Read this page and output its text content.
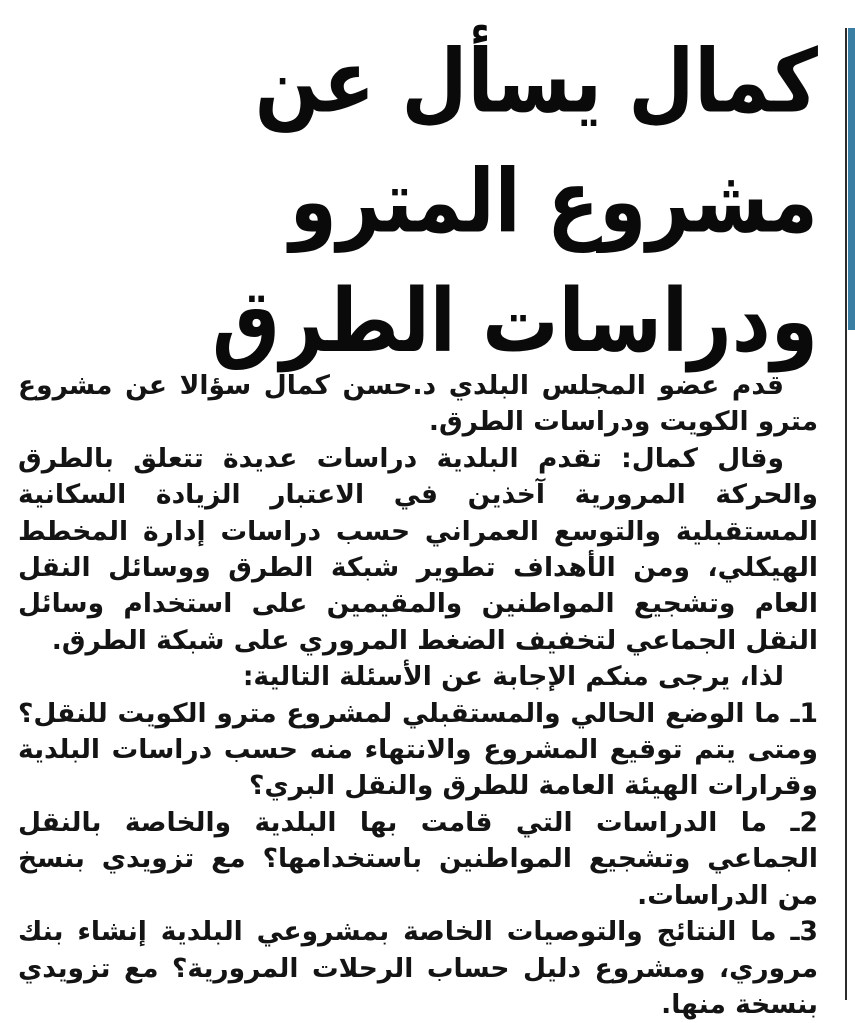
كمال يسأل عن مشروع المترو
ودراسات الطرق

قدم عضو المجلس البلدي د.حسن كمال سؤالا عن مشروع مترو الكويت ودراسات الطرق.

وقال كمال: تقدم البلدية دراسات عديدة تتعلق بالطرق والحركة المرورية آخذين في الاعتبار الزيادة السكانية المستقبلية والتوسع العمراني حسب دراسات إدارة المخطط الهيكلي، ومن الأهداف تطوير شبكة الطرق ووسائل النقل العام وتشجيع المواطنين والمقيمين على استخدام وسائل النقل الجماعي لتخفيف الضغط المروري على شبكة الطرق.

لذا، يرجى منكم الإجابة عن الأسئلة التالية:

1ـ ما الوضع الحالي والمستقبلي لمشروع مترو الكويت للنقل؟ ومتى يتم توقيع المشروع والانتهاء منه حسب دراسات البلدية وقرارات الهيئة العامة للطرق والنقل البري؟

2ـ ما الدراسات التي قامت بها البلدية والخاصة بالنقل الجماعي وتشجيع المواطنين باستخدامها؟ مع تزويدي بنسخ من الدراسات.

3ـ ما النتائج والتوصيات الخاصة بمشروعي البلدية إنشاء بنك مروري، ومشروع دليل حساب الرحلات المرورية؟ مع تزويدي بنسخة منها.
